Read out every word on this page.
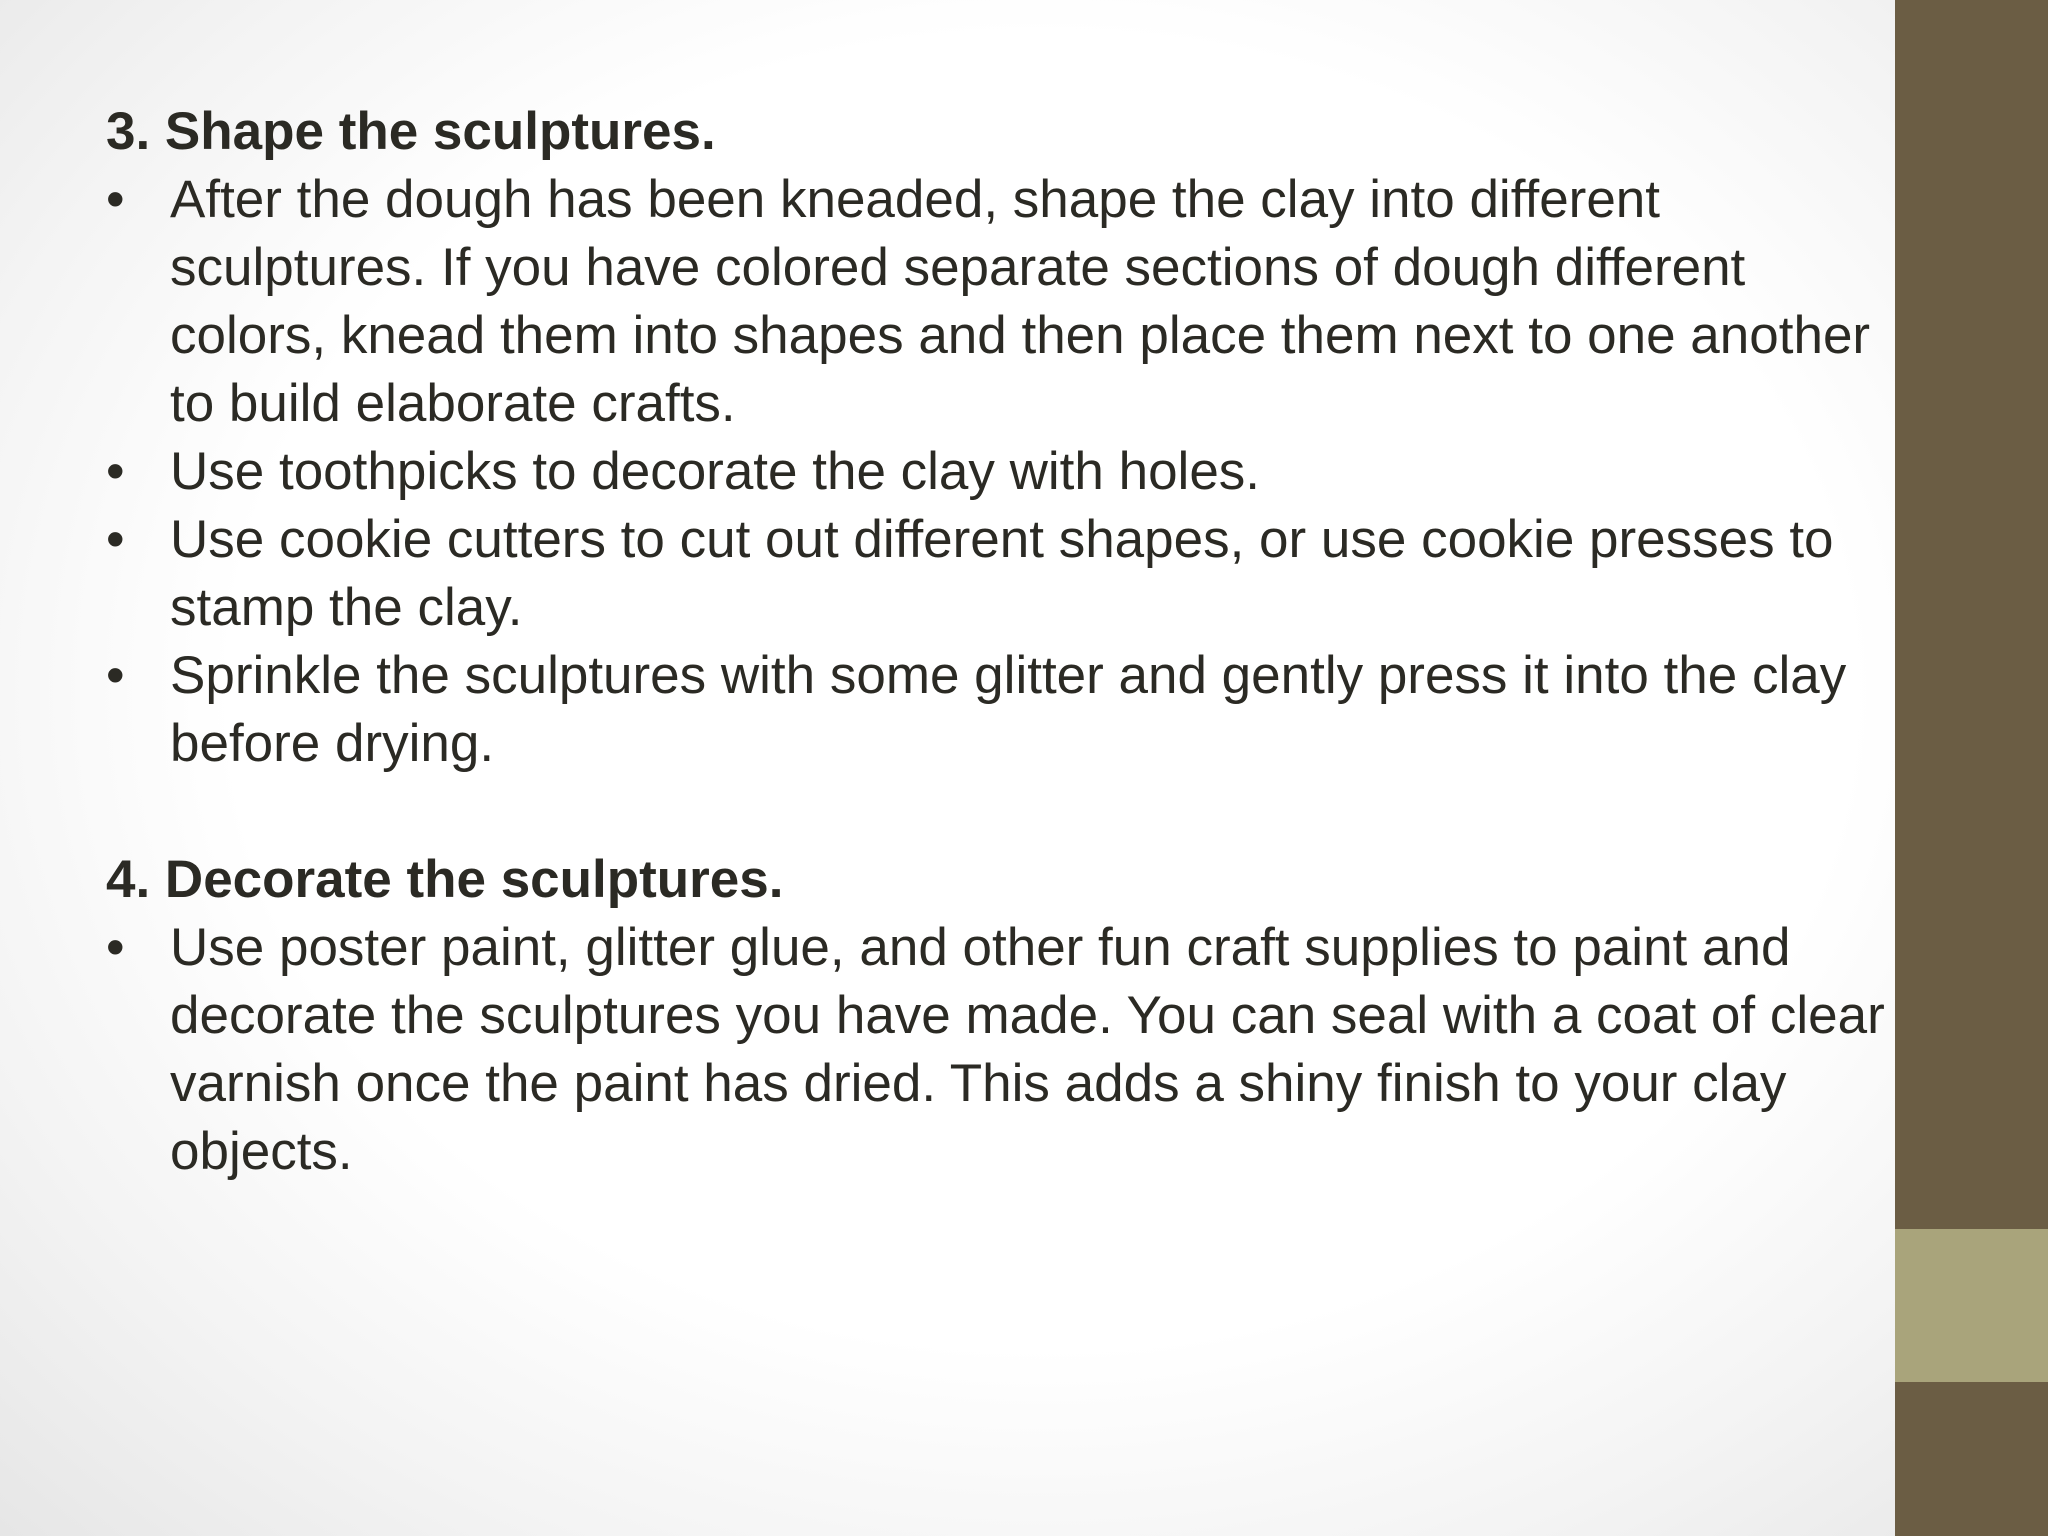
3. Shape the sculptures.

• After the dough has been kneaded, shape the clay into different sculptures. If you have colored separate sections of dough different colors, knead them into shapes and then place them next to one another to build elaborate crafts.
• Use toothpicks to decorate the clay with holes.
• Use cookie cutters to cut out different shapes, or use cookie presses to stamp the clay.
• Sprinkle the sculptures with some glitter and gently press it into the clay before drying.

4. Decorate the sculptures.

• Use poster paint, glitter glue, and other fun craft supplies to paint and decorate the sculptures you have made. You can seal with a coat of clear varnish once the paint has dried. This adds a shiny finish to your clay objects.
